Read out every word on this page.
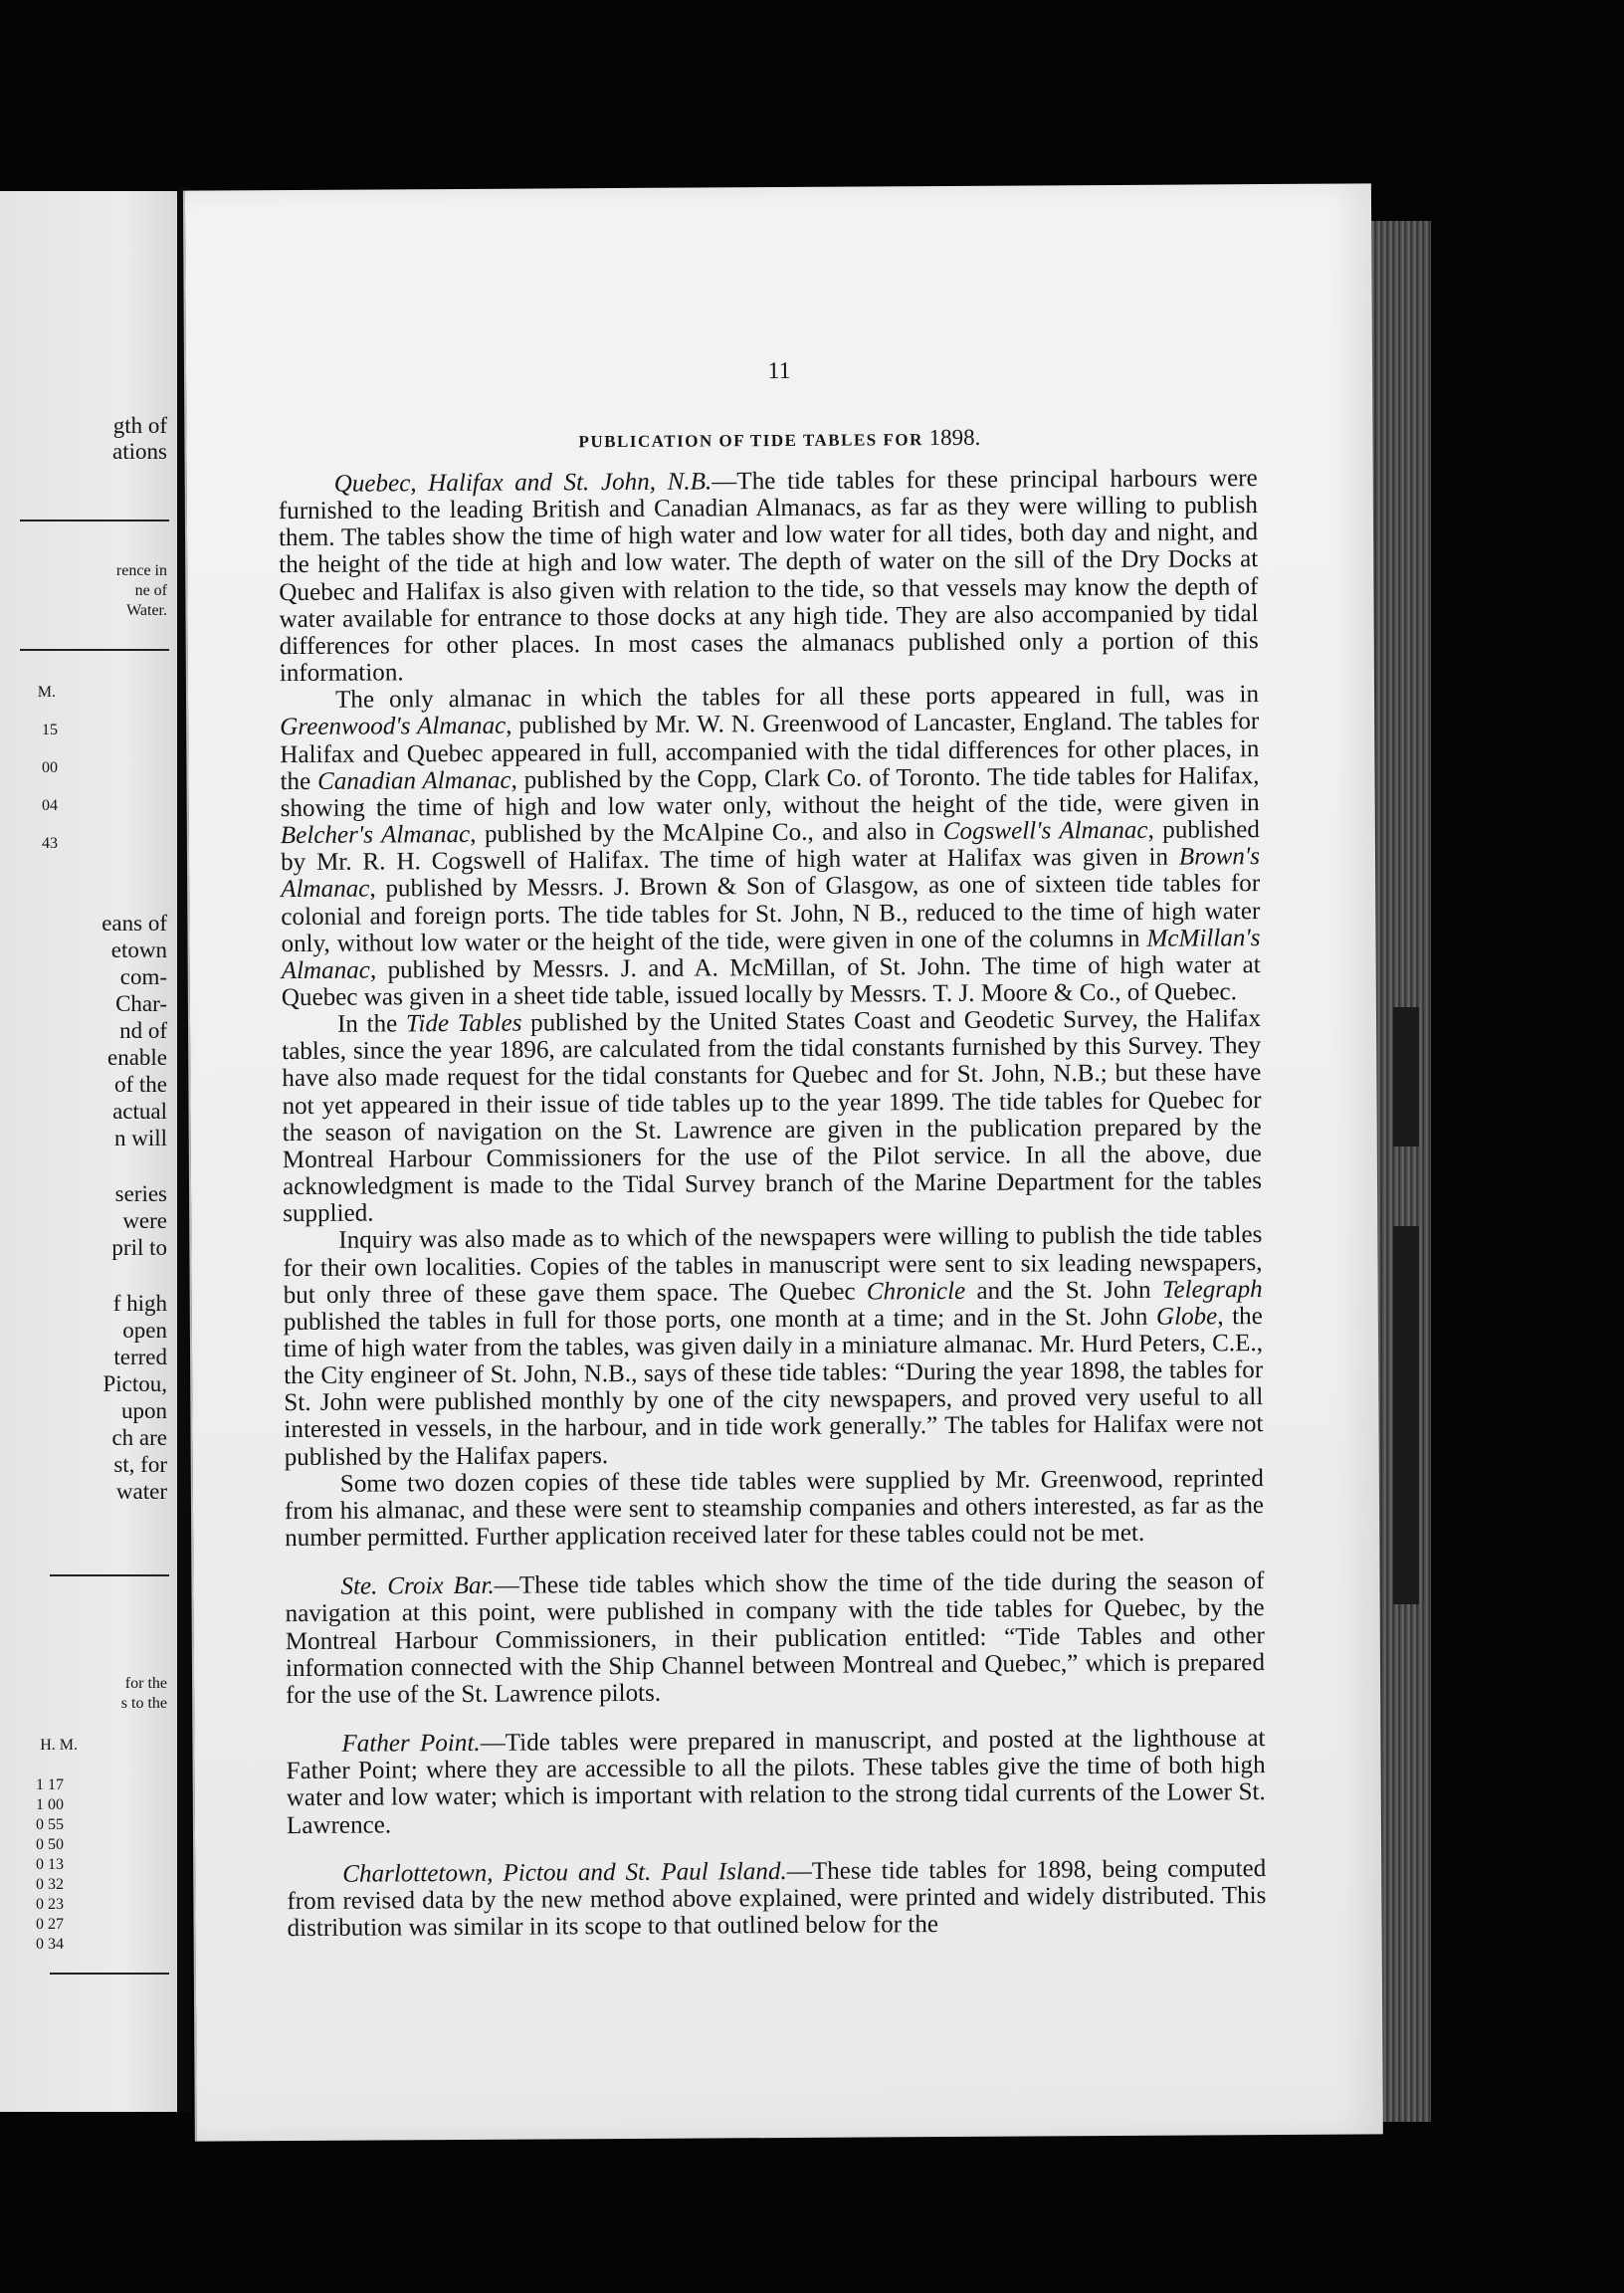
gth of
ations
rence in
ne of
Water.
M.
15
00
04
43
eans of
etown
com-
Char-
nd of
enable
of the
actual
n will
series
were
pril to
f high
open
terred
Pictou,
upon
ch are
st, for
water
for the
s to the
H. M.
1 17
1 00
0 55
0 50
0 13
0 32
0 23
0 27
0 34
11
PUBLICATION OF TIDE TABLES FOR 1898.

Quebec, Halifax and St. John, N.B.—The tide tables for these principal harbours were furnished to the leading British and Canadian Almanacs, as far as they were willing to publish them. The tables show the time of high water and low water for all tides, both day and night, and the height of the tide at high and low water. The depth of water on the sill of the Dry Docks at Quebec and Halifax is also given with relation to the tide, so that vessels may know the depth of water available for entrance to those docks at any high tide. They are also accompanied by tidal differences for other places. In most cases the almanacs published only a portion of this information.

The only almanac in which the tables for all these ports appeared in full, was in Greenwood's Almanac, published by Mr. W. N. Greenwood of Lancaster, England. The tables for Halifax and Quebec appeared in full, accompanied with the tidal differences for other places, in the Canadian Almanac, published by the Copp, Clark Co. of Toronto. The tide tables for Halifax, showing the time of high and low water only, without the height of the tide, were given in Belcher's Almanac, published by the McAlpine Co., and also in Cogswell's Almanac, published by Mr. R. H. Cogswell of Halifax. The time of high water at Halifax was given in Brown's Almanac, published by Messrs. J. Brown & Son of Glasgow, as one of sixteen tide tables for colonial and foreign ports. The tide tables for St. John, N B., reduced to the time of high water only, without low water or the height of the tide, were given in one of the columns in McMillan's Almanac, published by Messrs. J. and A. McMillan, of St. John. The time of high water at Quebec was given in a sheet tide table, issued locally by Messrs. T. J. Moore & Co., of Quebec.

In the Tide Tables published by the United States Coast and Geodetic Survey, the Halifax tables, since the year 1896, are calculated from the tidal constants furnished by this Survey. They have also made request for the tidal constants for Quebec and for St. John, N.B.; but these have not yet appeared in their issue of tide tables up to the year 1899. The tide tables for Quebec for the season of navigation on the St. Lawrence are given in the publication prepared by the Montreal Harbour Commissioners for the use of the Pilot service. In all the above, due acknowledgment is made to the Tidal Survey branch of the Marine Department for the tables supplied.

Inquiry was also made as to which of the newspapers were willing to publish the tide tables for their own localities. Copies of the tables in manuscript were sent to six leading newspapers, but only three of these gave them space. The Quebec Chronicle and the St. John Telegraph published the tables in full for those ports, one month at a time; and in the St. John Globe, the time of high water from the tables, was given daily in a miniature almanac. Mr. Hurd Peters, C.E., the City engineer of St. John, N.B., says of these tide tables: “During the year 1898, the tables for St. John were published monthly by one of the city newspapers, and proved very useful to all interested in vessels, in the harbour, and in tide work generally.” The tables for Halifax were not published by the Halifax papers.

Some two dozen copies of these tide tables were supplied by Mr. Greenwood, reprinted from his almanac, and these were sent to steamship companies and others interested, as far as the number permitted. Further application received later for these tables could not be met.

Ste. Croix Bar.—These tide tables which show the time of the tide during the season of navigation at this point, were published in company with the tide tables for Quebec, by the Montreal Harbour Commissioners, in their publication entitled: “Tide Tables and other information connected with the Ship Channel between Montreal and Quebec,” which is prepared for the use of the St. Lawrence pilots.

Father Point.—Tide tables were prepared in manuscript, and posted at the lighthouse at Father Point; where they are accessible to all the pilots. These tables give the time of both high water and low water; which is important with relation to the strong tidal currents of the Lower St. Lawrence.

Charlottetown, Pictou and St. Paul Island.—These tide tables for 1898, being computed from revised data by the new method above explained, were printed and widely distributed. This distribution was similar in its scope to that outlined below for the
